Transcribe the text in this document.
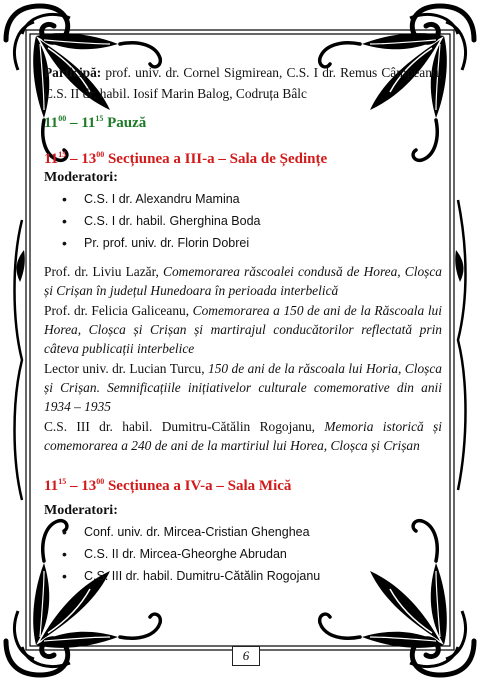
Participă: prof. univ. dr. Cornel Sigmirean, C.S. I dr. Remus Câmpeanu, C.S. II dr. habil. Iosif Marin Balog, Codruța Bâlc

$11^{00} - 11^{15}$ Pauză

$11^{15} - 13^{00}$ Secțiunea a III-a – Sala de Ședințe

Moderatori:
• C.S. I dr. Alexandru Mamina
• C.S. I dr. habil. Gherghina Boda
• Pr. prof. univ. dr. Florin Dobrei

Prof. dr. Liviu Lazăr, Comemorarea răscoalei condusă de Horea, Cloșca și Crișan în județul Hunedoara în perioada interbelică

Prof. dr. Felicia Galiceanu, Comemorarea a 150 de ani de la Răscoala lui Horea, Cloșca și Crișan și martirajul conducătorilor reflectată prin câteva publicații interbelice

Lector univ. dr. Lucian Turcu, 150 de ani de la răscoala lui Horia, Cloșca și Crișan. Semnificațiile inițiativelor culturale comemorative din anii 1934 – 1935

C.S. III dr. habil. Dumitru-Cătălin Rogojanu, Memoria istorică și comemorarea a 240 de ani de la martiriul lui Horea, Cloșca și Crișan

$11^{15} - 13^{00}$ Secțiunea a IV-a – Sala Mică

Moderatori:
• Conf. univ. dr. Mircea-Cristian Ghenghea
• C.S. II dr. Mircea-Gheorghe Abrudan
• C.S. III dr. habil. Dumitru-Cătălin Rogojanu
6
